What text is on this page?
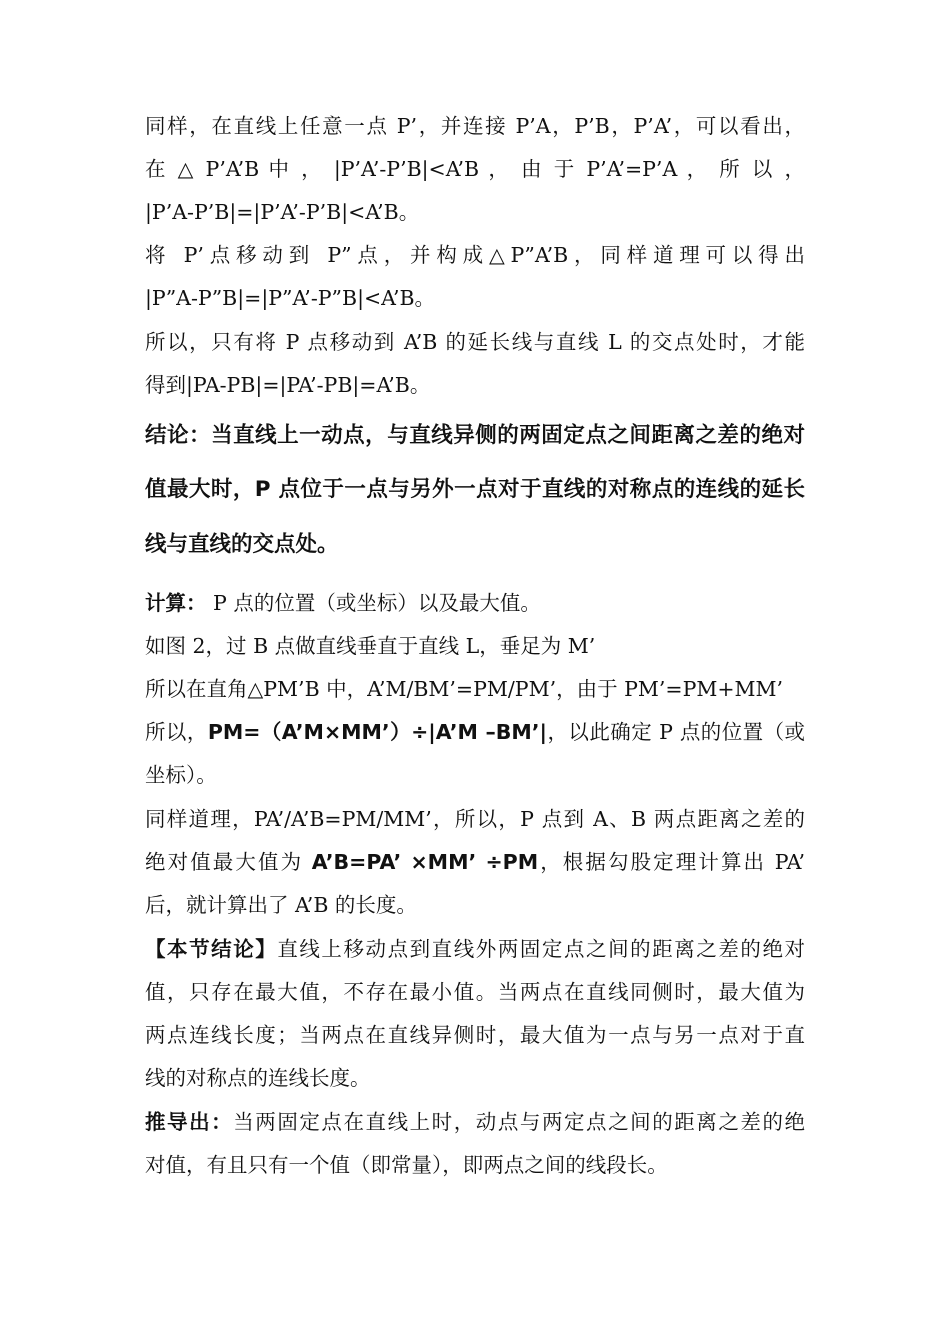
同样，在直线上任意一点 P’，并连接 P’A，P’B，P’A’，可以看出，
在 △ P’A’B 中 ， |P’A’-P’B|<A’B ， 由 于 P’A’=P’A ， 所 以 ，
|P’A-P’B|=|P’A’-P’B|<A’B。
将 P’点移动到 P”点，并构成△P”A’B，同样道理可以得出
|P”A-P”B|=|P”A’-P”B|<A’B。
所以，只有将 P 点移动到 A’B 的延长线与直线 L 的交点处时，才能
得到|PA-PB|=|PA’-PB|=A’B。
结论：当直线上一动点，与直线异侧的两固定点之间距离之差的绝对
值最大时，P 点位于一点与另外一点对于直线的对称点的连线的延长
线与直线的交点处。
计算： P 点的位置（或坐标）以及最大值。
如图 2，过 B 点做直线垂直于直线 L，垂足为 M’
所以在直角△PM’B 中，A’M/BM’=PM/PM’，由于 PM’=PM+MM’
所以，PM=（A’M×MM’）÷|A’M –BM’|，以此确定 P 点的位置（或
坐标）。
同样道理，PA’/A’B=PM/MM’，所以，P 点到 A、B 两点距离之差的
绝对值最大值为 A’B=PA’ ×MM’ ÷PM，根据勾股定理计算出 PA’
后，就计算出了 A’B 的长度。
【本节结论】直线上移动点到直线外两固定点之间的距离之差的绝对
值，只存在最大值，不存在最小值。当两点在直线同侧时，最大值为
两点连线长度；当两点在直线异侧时，最大值为一点与另一点对于直
线的对称点的连线长度。
推导出：当两固定点在直线上时，动点与两定点之间的距离之差的绝
对值，有且只有一个值（即常量），即两点之间的线段长。
